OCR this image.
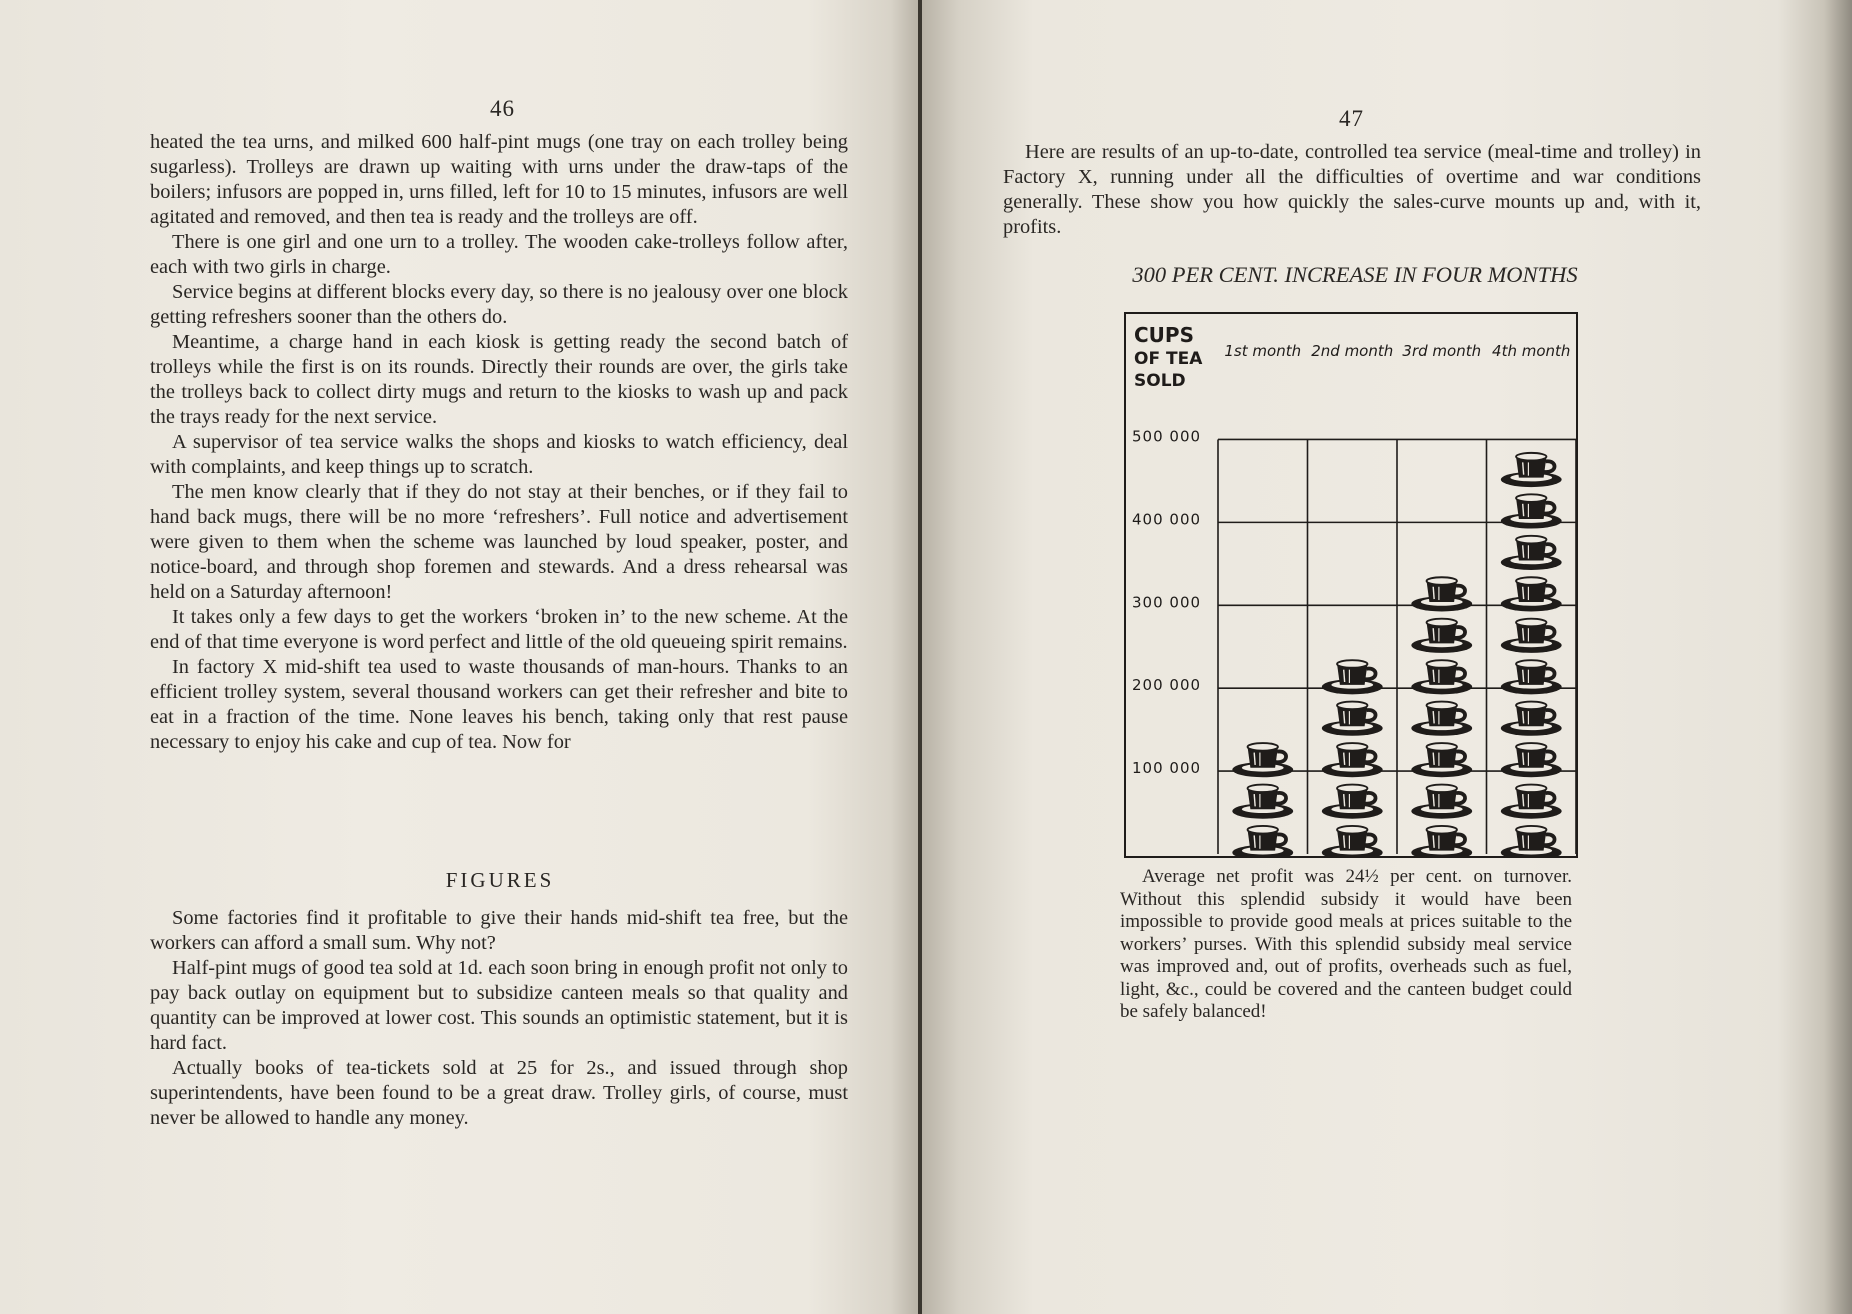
46

heated the tea urns, and milked 600 half-pint mugs (one tray on each trolley being sugarless). Trolleys are drawn up waiting with urns under the draw-taps of the boilers; infusors are popped in, urns filled, left for 10 to 15 minutes, infusors are well agitated and removed, and then tea is ready and the trolleys are off.

There is one girl and one urn to a trolley. The wooden cake-trolleys follow after, each with two girls in charge.

Service begins at different blocks every day, so there is no jealousy over one block getting refreshers sooner than the others do.

Meantime, a charge hand in each kiosk is getting ready the second batch of trolleys while the first is on its rounds. Directly their rounds are over, the girls take the trolleys back to collect dirty mugs and return to the kiosks to wash up and pack the trays ready for the next service.

A supervisor of tea service walks the shops and kiosks to watch efficiency, deal with complaints, and keep things up to scratch.

The men know clearly that if they do not stay at their benches, or if they fail to hand back mugs, there will be no more ‘refreshers’. Full notice and advertisement were given to them when the scheme was launched by loud speaker, poster, and notice-board, and through shop foremen and stewards. And a dress rehearsal was held on a Saturday afternoon!

It takes only a few days to get the workers ‘broken in’ to the new scheme. At the end of that time everyone is word perfect and little of the old queueing spirit remains.

In factory X mid-shift tea used to waste thousands of man-hours. Thanks to an efficient trolley system, several thousand workers can get their refresher and bite to eat in a fraction of the time. None leaves his bench, taking only that rest pause necessary to enjoy his cake and cup of tea. Now for

FIGURES

Some factories find it profitable to give their hands mid-shift tea free, but the workers can afford a small sum. Why not?

Half-pint mugs of good tea sold at 1d. each soon bring in enough profit not only to pay back outlay on equipment but to subsidize canteen meals so that quality and quantity can be improved at lower cost. This sounds an optimistic statement, but it is hard fact.

Actually books of tea-tickets sold at 25 for 2s., and issued through shop superintendents, have been found to be a great draw. Trolley girls, of course, must never be allowed to handle any money.

47

Here are results of an up-to-date, controlled tea service (meal-time and trolley) in Factory X, running under all the difficulties of overtime and war conditions generally. These show you how quickly the sales-curve mounts up and, with it, profits.

300 PER CENT. INCREASE IN FOUR MONTHS
CUPS
OF TEA
SOLD
1st month 2nd month 3rd month 4th month
100 000
200 000
300 000
400 000
500 000

Average net profit was 24½ per cent. on turnover. Without this splendid subsidy it would have been impossible to provide good meals at prices suitable to the workers’ purses. With this splendid subsidy meal service was improved and, out of profits, overheads such as fuel, light, &c., could be covered and the canteen budget could be safely balanced!
